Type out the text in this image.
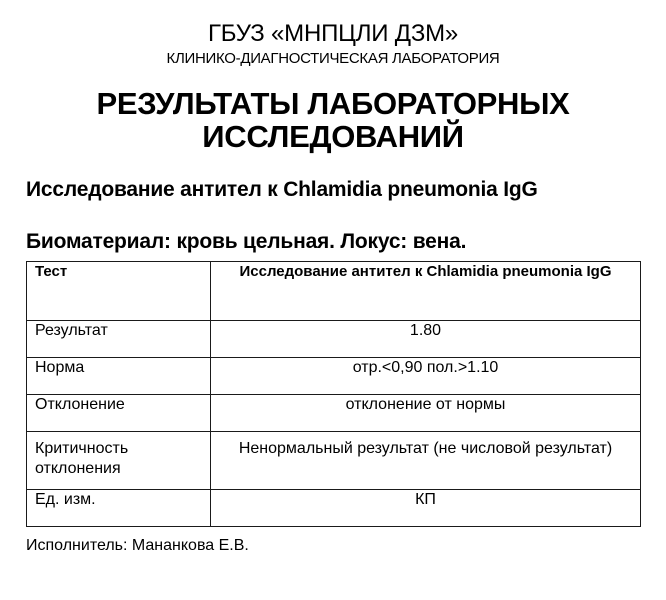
ГБУЗ «МНПЦЛИ ДЗМ»
КЛИНИКО-ДИАГНОСТИЧЕСКАЯ ЛАБОРАТОРИЯ
РЕЗУЛЬТАТЫ ЛАБОРАТОРНЫХ
ИССЛЕДОВАНИЙ
Исследование антител к Chlamidia pneumonia IgG
Биоматериал: кровь цельная. Локус: вена.
Тест	Исследование антител к Chlamidia pneumonia IgG
Результат	1.80
Норма	отр.<0,90 пол.>1.10
Отклонение	отклонение от нормы
Критичность отклонения	Ненормальный результат (не числовой результат)
Ед. изм.	КП
Исполнитель: Мананкова Е.В.
